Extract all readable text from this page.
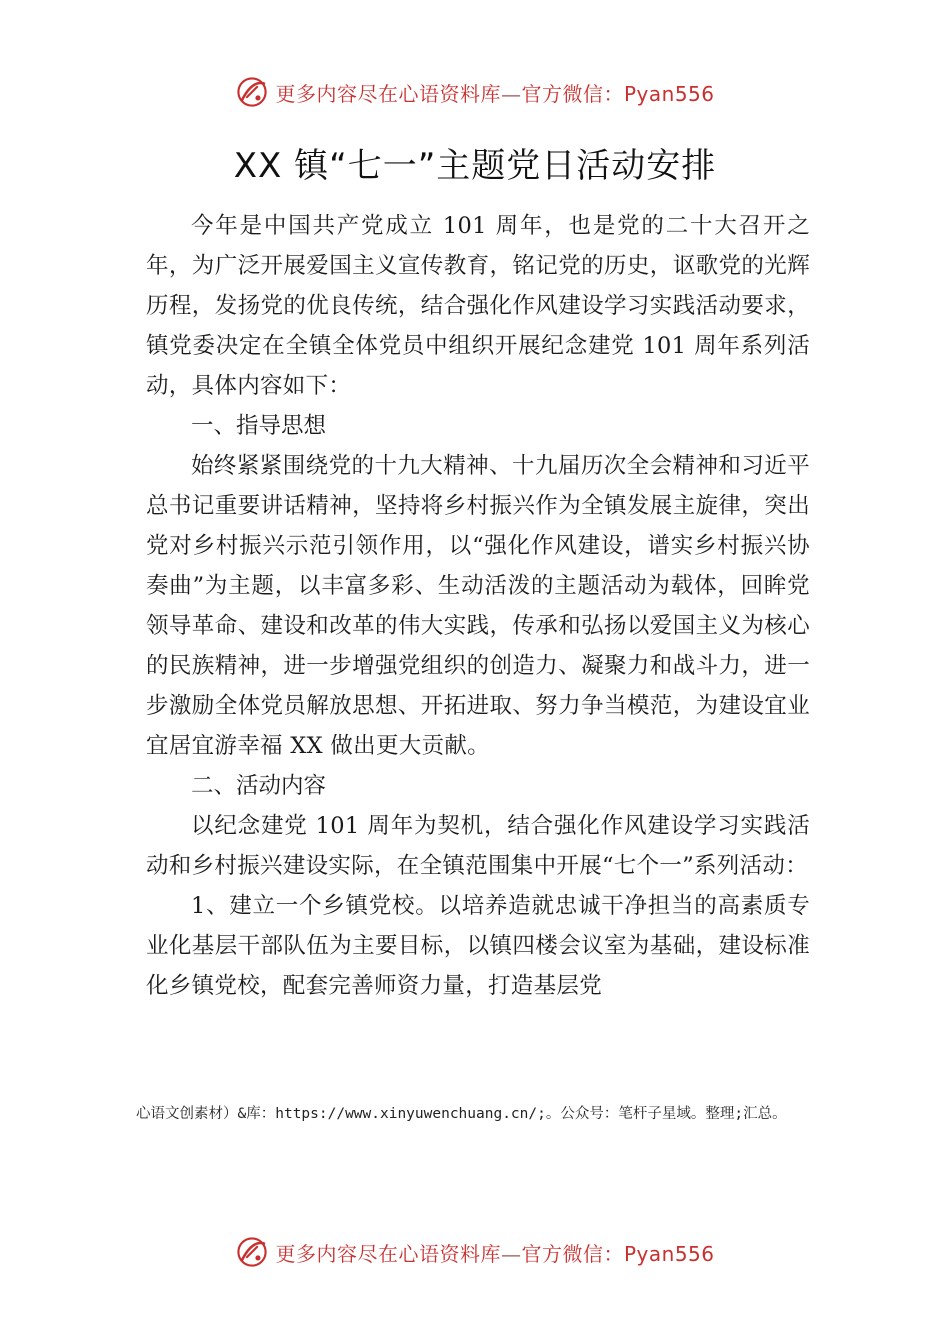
更多内容尽在心语资料库—官方微信：Pyan556
XX 镇“七一”主题党日活动安排

今年是中国共产党成立 101 周年，也是党的二十大召开之年，为广泛开展爱国主义宣传教育，铭记党的历史，讴歌党的光辉历程，发扬党的优良传统，结合强化作风建设学习实践活动要求，镇党委决定在全镇全体党员中组织开展纪念建党 101 周年系列活动，具体内容如下：

一、指导思想

始终紧紧围绕党的十九大精神、十九届历次全会精神和习近平总书记重要讲话精神，坚持将乡村振兴作为全镇发展主旋律，突出党对乡村振兴示范引领作用，以“强化作风建设，谱实乡村振兴协奏曲”为主题，以丰富多彩、生动活泼的主题活动为载体，回眸党领导革命、建设和改革的伟大实践，传承和弘扬以爱国主义为核心的民族精神，进一步增强党组织的创造力、凝聚力和战斗力，进一步激励全体党员解放思想、开拓进取、努力争当模范，为建设宜业宜居宜游幸福 XX 做出更大贡献。

二、活动内容

以纪念建党 101 周年为契机，结合强化作风建设学习实践活动和乡村振兴建设实际，在全镇范围集中开展“七个一”系列活动：

1、建立一个乡镇党校。以培养造就忠诚干净担当的高素质专业化基层干部队伍为主要目标，以镇四楼会议室为基础，建设标准化乡镇党校，配套完善师资力量，打造基层党

心语文创素材）&库：https://www.xinyuwenchuang.cn/;。公众号：笔杆子星域。整理;汇总。
更多内容尽在心语资料库—官方微信：Pyan556
